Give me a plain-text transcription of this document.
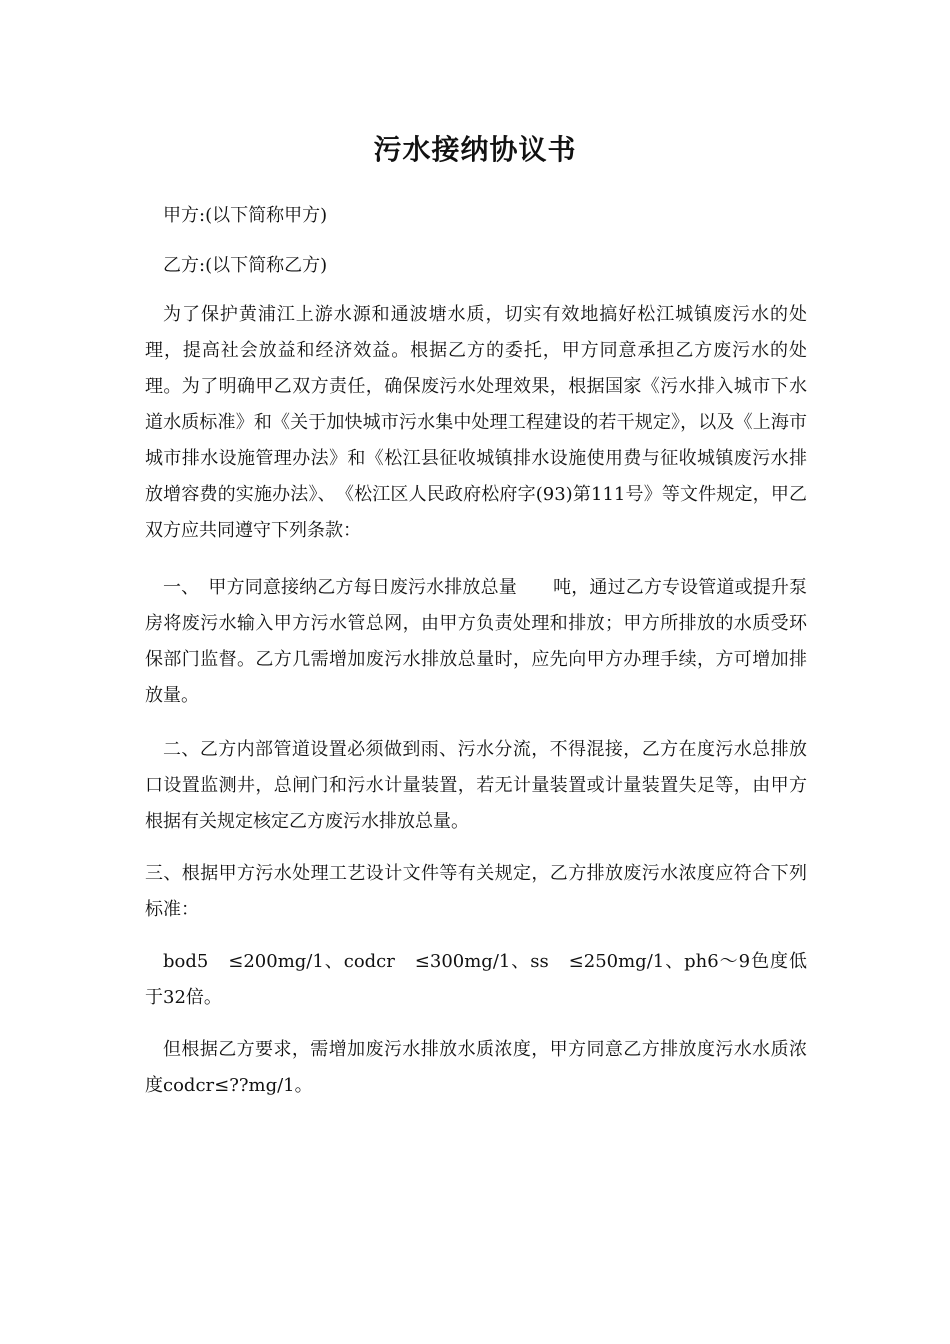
污水接纳协议书

甲方:(以下简称甲方)

乙方:(以下简称乙方)

为了保护黄浦江上游水源和通波塘水质，切实有效地搞好松江城镇废污水的处理，提高社会放益和经济效益。根据乙方的委托，甲方同意承担乙方废污水的处理。为了明确甲乙双方责任，确保废污水处理效果，根据国家《污水排入城市下水道水质标准》和《关于加快城市污水集中处理工程建设的若干规定》，以及《上海市城市排水设施管理办法》和《松江县征收城镇排水设施使用费与征收城镇废污水排放增容费的实施办法》、　《松江区人民政府松府字(93)第111号》等文件规定，甲乙双方应共同遵守下列条款：

一、　甲方同意接纳乙方每日废污水排放总量　　吨，通过乙方专设管道或提升泵房将废污水输入甲方污水管总网，由甲方负责处理和排放；甲方所排放的水质受环保部门监督。乙方几需增加废污水排放总量时，应先向甲方办理手续，方可增加排放量。

二、乙方内部管道设置必须做到雨、污水分流，不得混接，乙方在度污水总排放口设置监测井，总闸门和污水计量装置，若无计量装置或计量装置失足等，由甲方根据有关规定核定乙方废污水排放总量。

三、根据甲方污水处理工艺设计文件等有关规定，乙方排放废污水浓度应符合下列标准：

bod5　≤200mg/1、codcr　≤300mg/1、ss　≤250mg/1、ph6～9色度低于32倍。

但根据乙方要求，需增加废污水排放水质浓度，甲方同意乙方排放度污水水质浓度codcr≤??mg/1。
